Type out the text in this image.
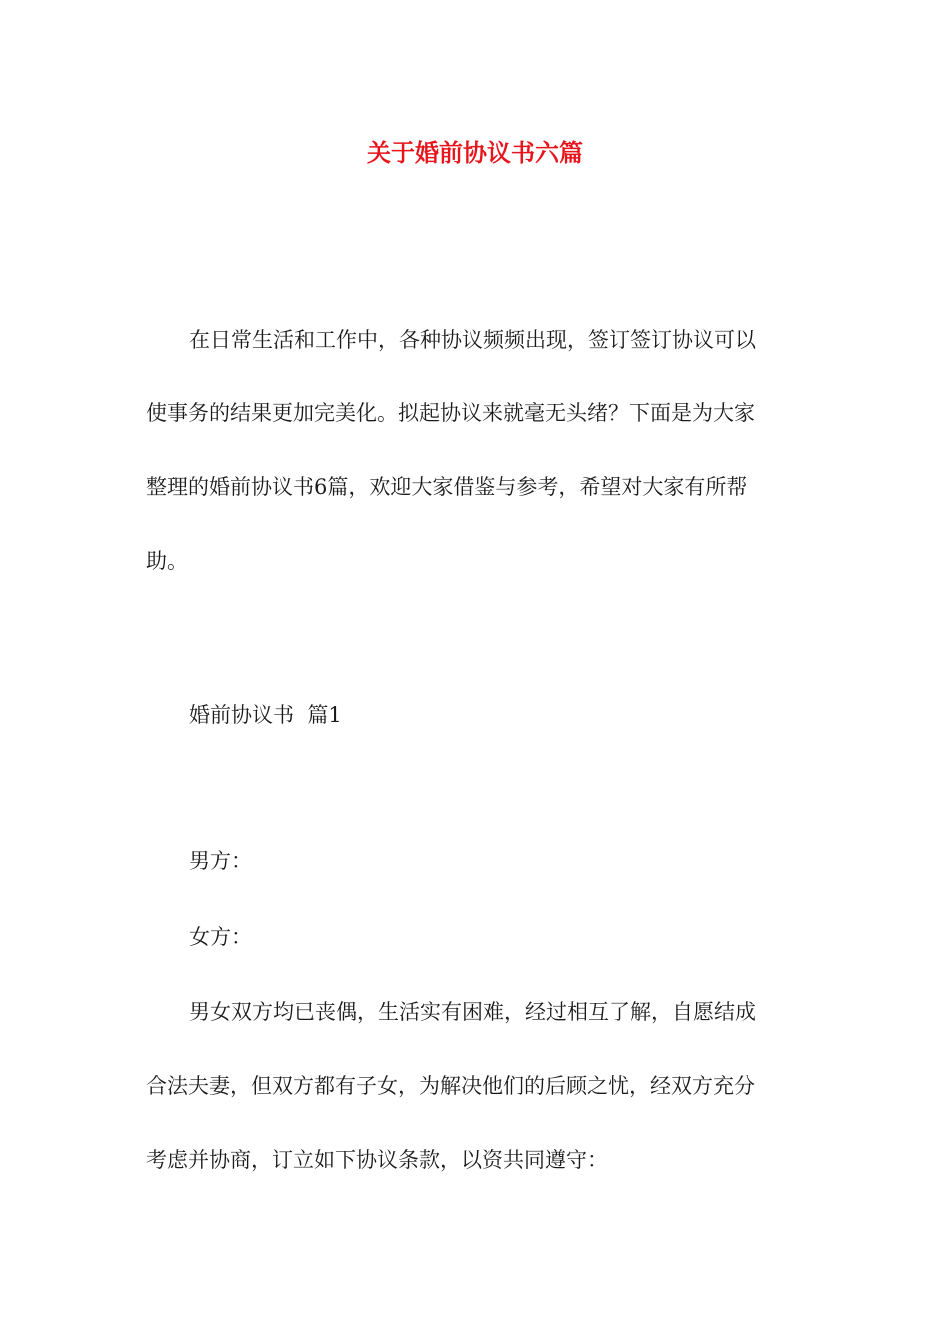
关于婚前协议书六篇
在日常生活和工作中，各种协议频频出现，签订签订协议可以
使事务的结果更加完美化。拟起协议来就毫无头绪？下面是为大家
整理的婚前协议书6篇，欢迎大家借鉴与参考，希望对大家有所帮
助。
婚前协议书  篇1
男方：
女方：
男女双方均已丧偶，生活实有困难，经过相互了解，自愿结成
合法夫妻，但双方都有子女，为解决他们的后顾之忧，经双方充分
考虑并协商，订立如下协议条款，以资共同遵守：
